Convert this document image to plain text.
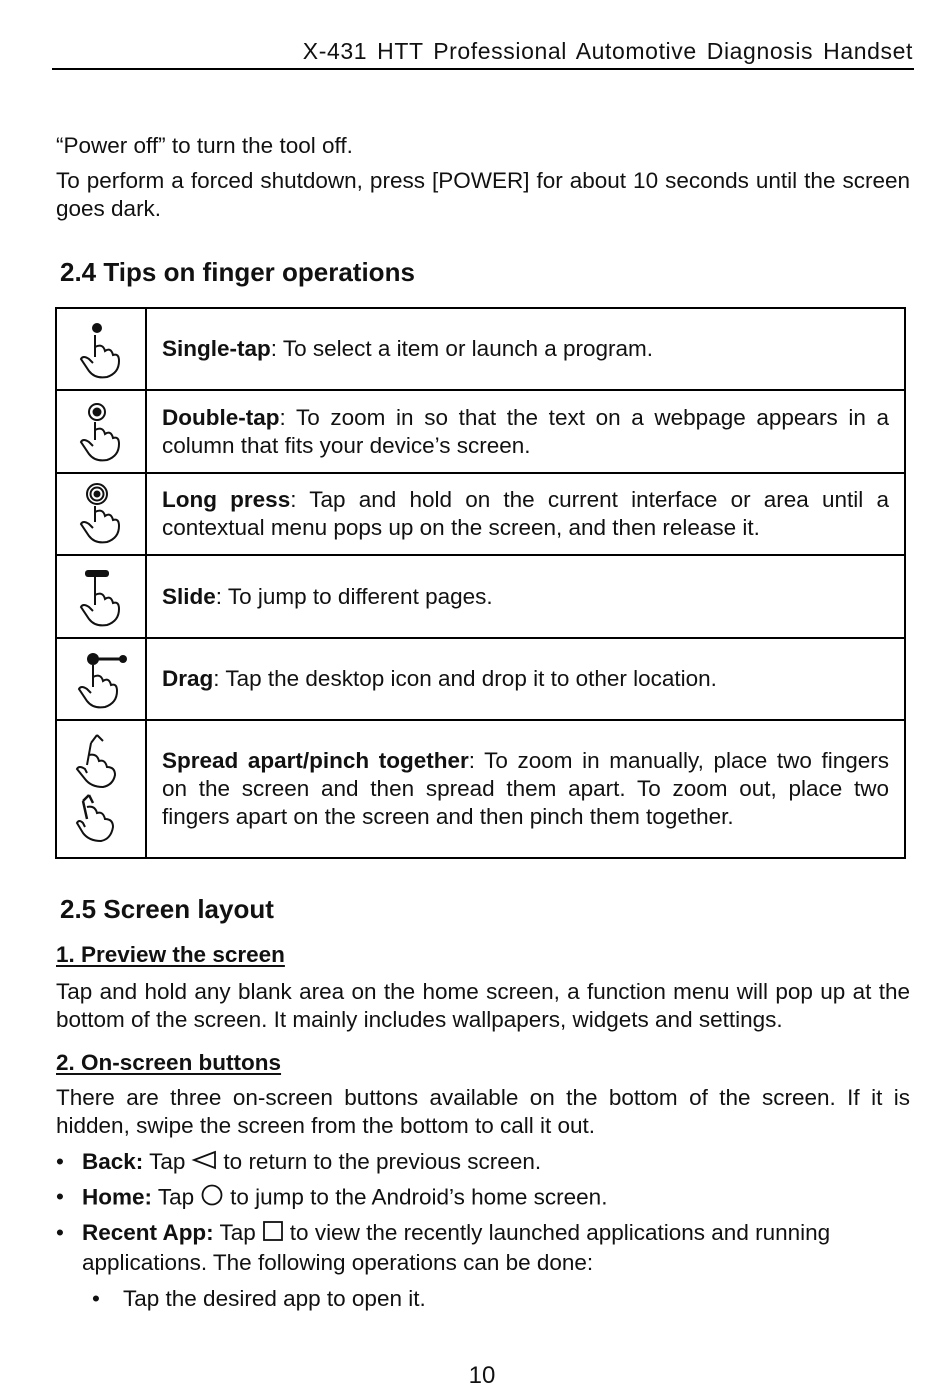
X-431 HTT Professional Automotive Diagnosis Handset
“Power off” to turn the tool off.
To perform a forced shutdown, press [POWER] for about 10 seconds until the screen goes dark.
2.4 Tips on finger operations
	Single-tap: To select a item or launch a program.

	Double-tap: To zoom in so that the text on a webpage appears in a column that fits your device’s screen.

	Long press: Tap and hold on the current interface or area until a contextual menu pops up on the screen, and then release it.

	Slide: To jump to different pages.

	Drag: Tap the desktop icon and drop it to other location.

	Spread apart/pinch together: To zoom in manually, place two fingers on the screen and then spread them apart. To zoom out, place two fingers apart on the screen and then pinch them together.
2.5 Screen layout
1. Preview the screen
Tap and hold any blank area on the home screen, a function menu will pop up at the bottom of the screen. It mainly includes wallpapers, widgets and settings.
2. On-screen buttons
There are three on-screen buttons available on the bottom of the screen. If it is hidden, swipe the screen from the bottom to call it out.
• Back: Tap to return to the previous screen.
• Home: Tap to jump to the Android’s home screen.
• Recent App: Tap to view the recently launched applications and running applications. The following operations can be done:
•	Tap the desired app to open it.
10
